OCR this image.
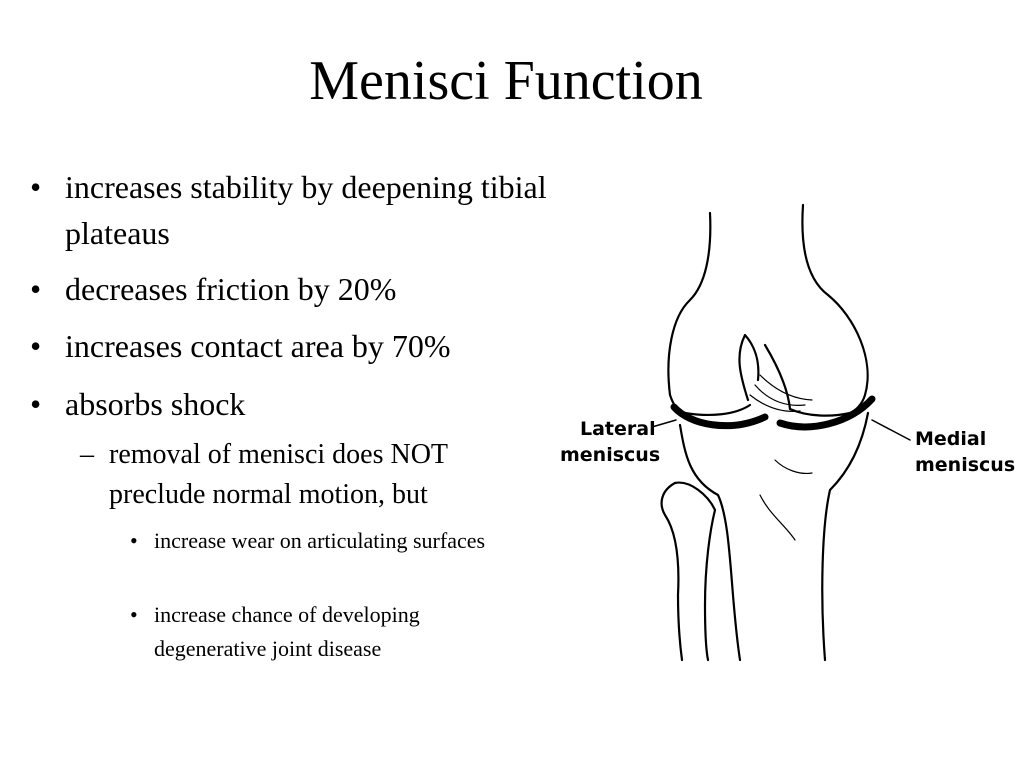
Menisci Function
• increases stability by deepening tibial plateaus
• decreases friction by 20%
• increases contact area by 70%
• absorbs shock
– removal of menisci does NOT preclude normal motion, but
• increase wear on articulating surfaces
• increase chance of developing degenerative joint disease
Lateral
meniscus
Medial
meniscus
